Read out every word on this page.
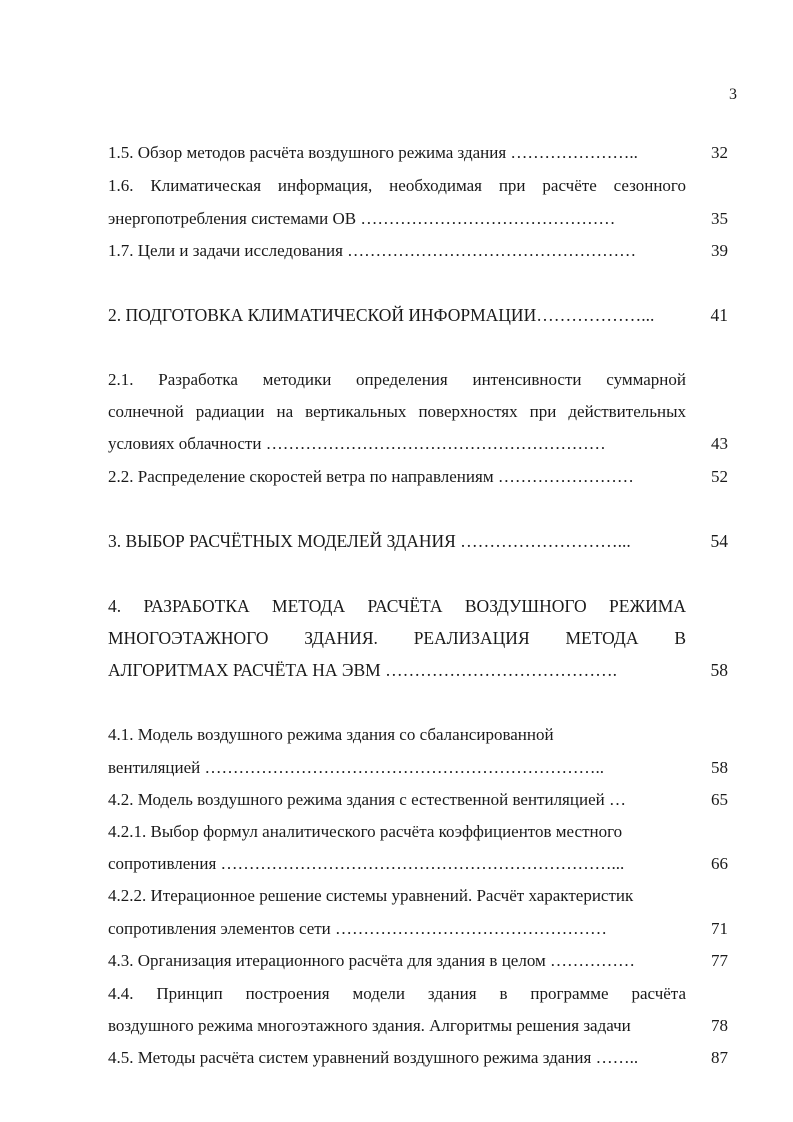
3
1.5. Обзор методов расчёта воздушного режима здания …………………..	32
1.6. Климатическая информация, необходимая при расчёте сезонного
энергопотребления системами ОВ ………………………………………	35
1.7. Цели и задачи исследования ……………………………………………	39
2. ПОДГОТОВКА КЛИМАТИЧЕСКОЙ ИНФОРМАЦИИ………………...	41
2.1. Разработка методики определения интенсивности суммарной
солнечной радиации на вертикальных поверхностях при действительных
условиях облачности ……………………………………………………	43
2.2. Распределение скоростей ветра по направлениям ……………………	52
3. ВЫБОР РАСЧЁТНЫХ МОДЕЛЕЙ ЗДАНИЯ ………………………...	54
4. РАЗРАБОТКА МЕТОДА РАСЧЁТА ВОЗДУШНОГО РЕЖИМА
МНОГОЭТАЖНОГО ЗДАНИЯ. РЕАЛИЗАЦИЯ МЕТОДА В
АЛГОРИТМАХ РАСЧЁТА НА ЭВМ ………………………………….	58
4.1. Модель воздушного режима здания со сбалансированной
вентиляцией ……………………………………………………………..	58
4.2. Модель воздушного режима здания с естественной вентиляцией …	65
4.2.1. Выбор формул аналитического расчёта коэффициентов местного
сопротивления ……………………………………………………………...	66
4.2.2. Итерационное решение системы уравнений. Расчёт характеристик
сопротивления элементов сети …………………………………………	71
4.3. Организация итерационного расчёта для здания в целом ……………	77
4.4. Принцип построения модели здания в программе расчёта
воздушного режима многоэтажного здания. Алгоритмы решения задачи	78
4.5. Методы расчёта систем уравнений воздушного режима здания ……..	87
